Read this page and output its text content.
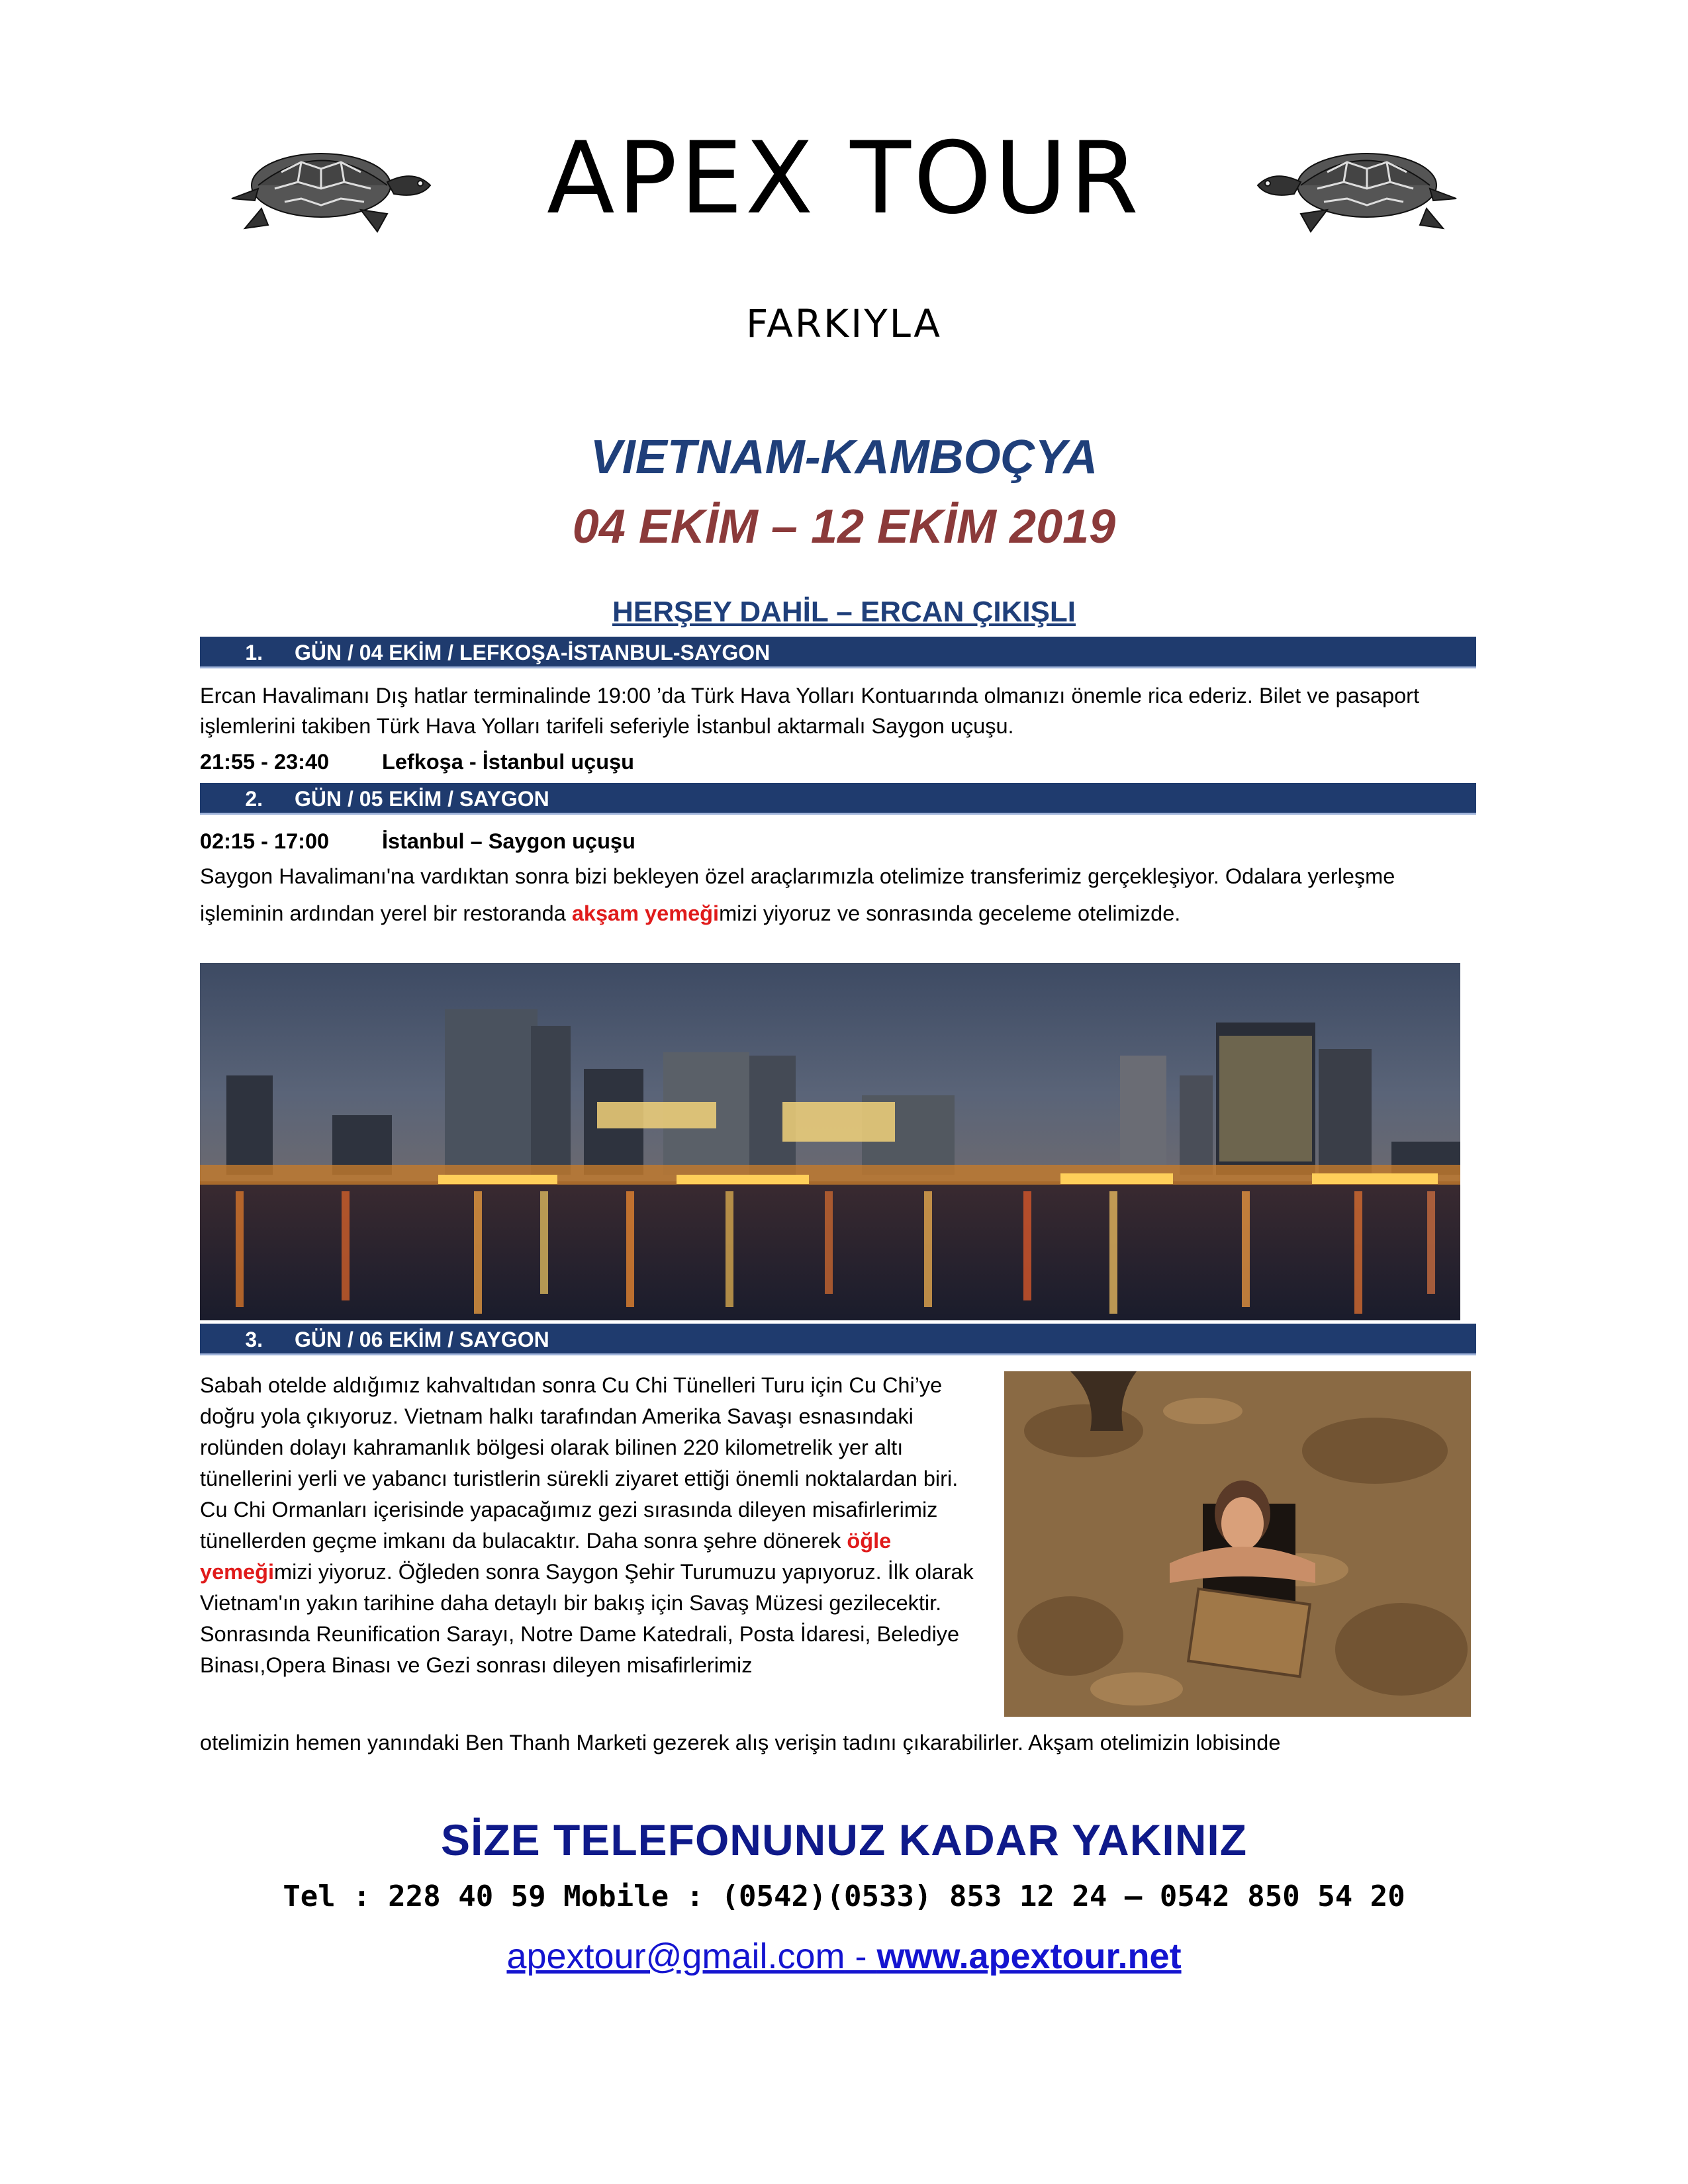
APEX TOUR
FARKIYLA
VIETNAM-KAMBOÇYA
04 EKİM – 12 EKİM 2019
HERŞEY DAHİL – ERCAN ÇIKIŞLI
1. GÜN / 04 EKİM / LEFKOŞA-İSTANBUL-SAYGON
Ercan Havalimanı Dış hatlar terminalinde 19:00 ’da Türk Hava Yolları Kontuarında olmanızı önemle rica ederiz. Bilet ve pasaport işlemlerini takiben Türk Hava Yolları tarifeli seferiyle İstanbul aktarmalı Saygon uçuşu.
21:55 - 23:40 Lefkoşa - İstanbul uçuşu
2. GÜN / 05 EKİM / SAYGON
02:15 - 17:00 İstanbul – Saygon uçuşu
Saygon Havalimanı'na vardıktan sonra bizi bekleyen özel araçlarımızla otelimize transferimiz gerçekleşiyor. Odalara yerleşme işleminin ardından yerel bir restoranda akşam yemeğimizi yiyoruz ve sonrasında geceleme otelimizde.
3. GÜN / 06 EKİM / SAYGON
Sabah otelde aldığımız kahvaltıdan sonra Cu Chi Tünelleri Turu için Cu Chi’ye doğru yola çıkıyoruz. Vietnam halkı tarafından Amerika Savaşı esnasındaki rolünden dolayı kahramanlık bölgesi olarak bilinen 220 kilometrelik yer altı tünellerini yerli ve yabancı turistlerin sürekli ziyaret ettiği önemli noktalardan biri. Cu Chi Ormanları içerisinde yapacağımız gezi sırasında dileyen misafirlerimiz tünellerden geçme imkanı da bulacaktır. Daha sonra şehre dönerek öğle yemeğimizi yiyoruz. Öğleden sonra Saygon Şehir Turumuzu yapıyoruz. İlk olarak Vietnam'ın yakın tarihine daha detaylı bir bakış için Savaş Müzesi gezilecektir. Sonrasında Reunification Sarayı, Notre Dame Katedrali, Posta İdaresi, Belediye Binası,Opera Binası ve Gezi sonrası dileyen misafirlerimiz
otelimizin hemen yanındaki Ben Thanh Marketi gezerek alış verişin tadını çıkarabilirler. Akşam otelimizin lobisinde
SİZE TELEFONUNUZ KADAR YAKINIZ
Tel : 228 40 59 Mobile : (0542)(0533) 853 12 24 – 0542 850 54 20
apextour@gmail.com - www.apextour.net
